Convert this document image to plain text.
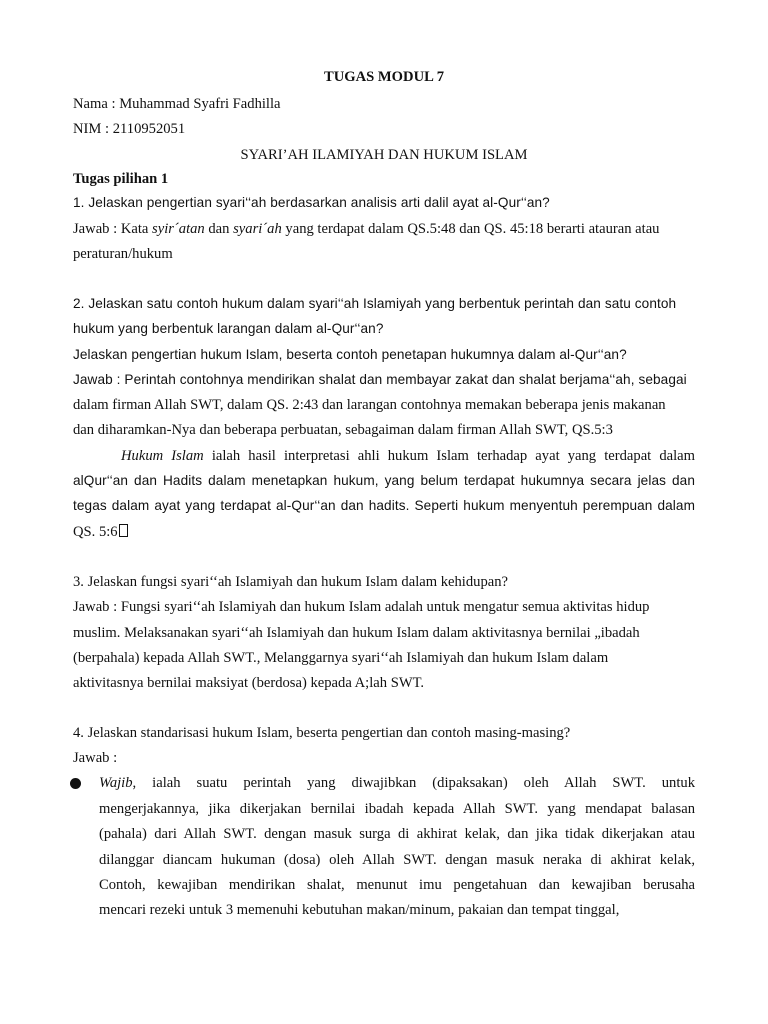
TUGAS MODUL 7
Nama : Muhammad Syafri Fadhilla
NIM : 2110952051
SYARI’AH ILAMIYAH DAN HUKUM ISLAM
Tugas pilihan 1
1. Jelaskan pengertian syari‘‘ah berdasarkan analisis arti dalil ayat al-Qur‘‘an?
Jawab : Kata syir´atan dan syari´ah yang terdapat dalam QS.5:48 dan QS. 45:18 berarti atauran atau
peraturan/hukum
2. Jelaskan satu contoh hukum dalam syari‘‘ah Islamiyah yang berbentuk perintah dan satu contoh
hukum yang berbentuk larangan dalam al-Qur‘‘an?
Jelaskan pengertian hukum Islam, beserta contoh penetapan hukumnya dalam al-Qur‘‘an?
Jawab : Perintah contohnya mendirikan shalat dan membayar zakat dan shalat berjama‘‘ah, sebagai
dalam firman Allah SWT, dalam QS. 2:43 dan larangan contohnya memakan beberapa jenis makanan
dan diharamkan-Nya dan beberapa perbuatan, sebagaiman dalam firman Allah SWT, QS.5:3
Hukum Islam ialah hasil interpretasi ahli hukum Islam terhadap ayat yang terdapat dalam
alQur‘‘an dan Hadits dalam menetapkan hukum, yang belum terdapat hukumnya secara jelas dan
tegas dalam ayat yang terdapat al-Qur‘‘an dan hadits. Seperti hukum menyentuh perempuan dalam
QS. 5:6
3. Jelaskan fungsi syari‘‘ah Islamiyah dan hukum Islam dalam kehidupan?
Jawab : Fungsi syari‘‘ah Islamiyah dan hukum Islam adalah untuk mengatur semua aktivitas hidup
muslim. Melaksanakan syari‘‘ah Islamiyah dan hukum Islam dalam aktivitasnya bernilai „ibadah
(berpahala) kepada Allah SWT., Melanggarnya syari‘‘ah Islamiyah dan hukum Islam dalam
aktivitasnya bernilai maksiyat (berdosa) kepada A;lah SWT.
4. Jelaskan standarisasi hukum Islam, beserta pengertian dan contoh masing-masing?
Jawab :
Wajib, ialah suatu perintah yang diwajibkan (dipaksakan) oleh Allah SWT. untuk
mengerjakannya, jika dikerjakan bernilai ibadah kepada Allah SWT. yang mendapat balasan
(pahala) dari Allah SWT. dengan masuk surga di akhirat kelak, dan jika tidak dikerjakan atau
dilanggar diancam hukuman (dosa) oleh Allah SWT. dengan masuk neraka di akhirat kelak,
Contoh, kewajiban mendirikan shalat, menunut imu pengetahuan dan kewajiban berusaha
mencari rezeki untuk 3 memenuhi kebutuhan makan/minum, pakaian dan tempat tinggal,
